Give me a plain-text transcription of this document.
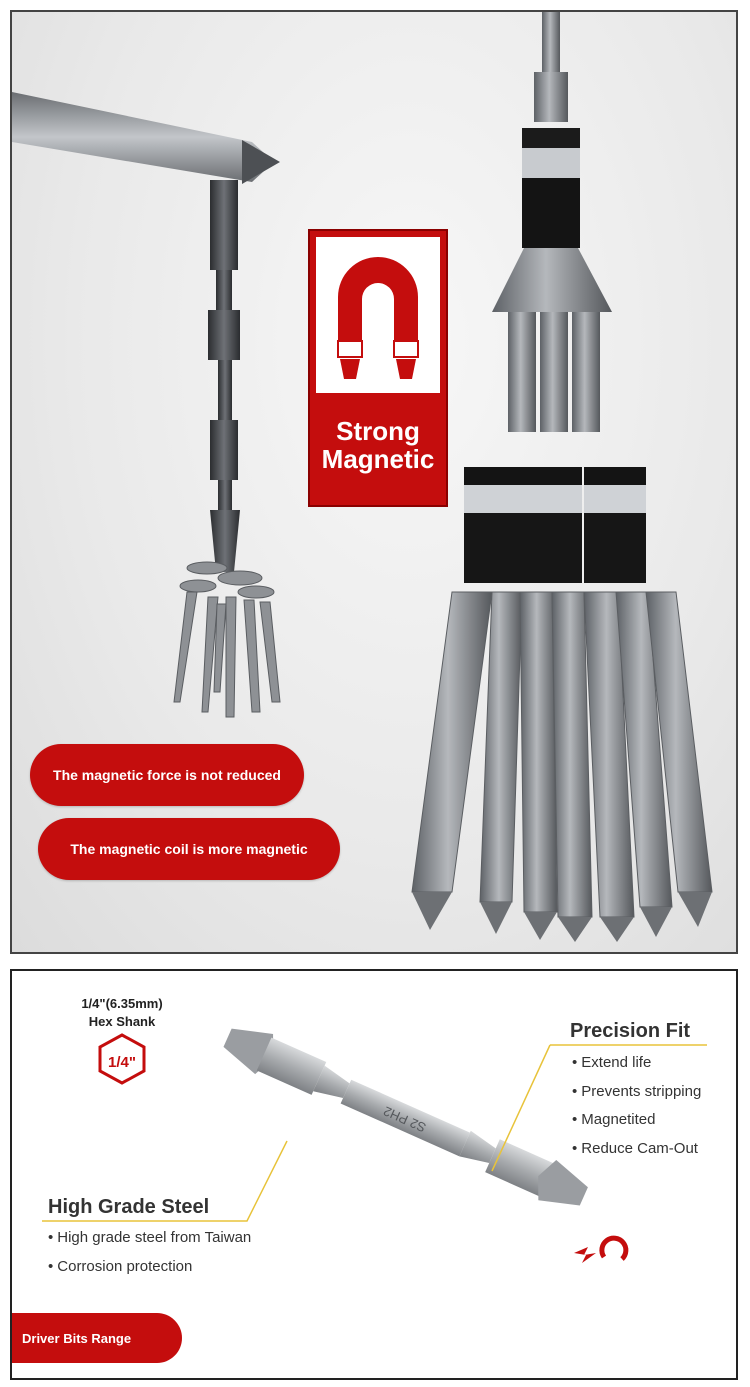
Strong
Magnetic
The magnetic force is not reduced
The magnetic coil is more magnetic
1/4"(6.35mm)
Hex Shank
1/4"
S2 PH2
Precision Fit
• Extend life
• Prevents stripping
• Magnetited
• Reduce Cam-Out
High Grade Steel
• High grade steel from Taiwan
• Corrosion protection
Driver Bits Range
